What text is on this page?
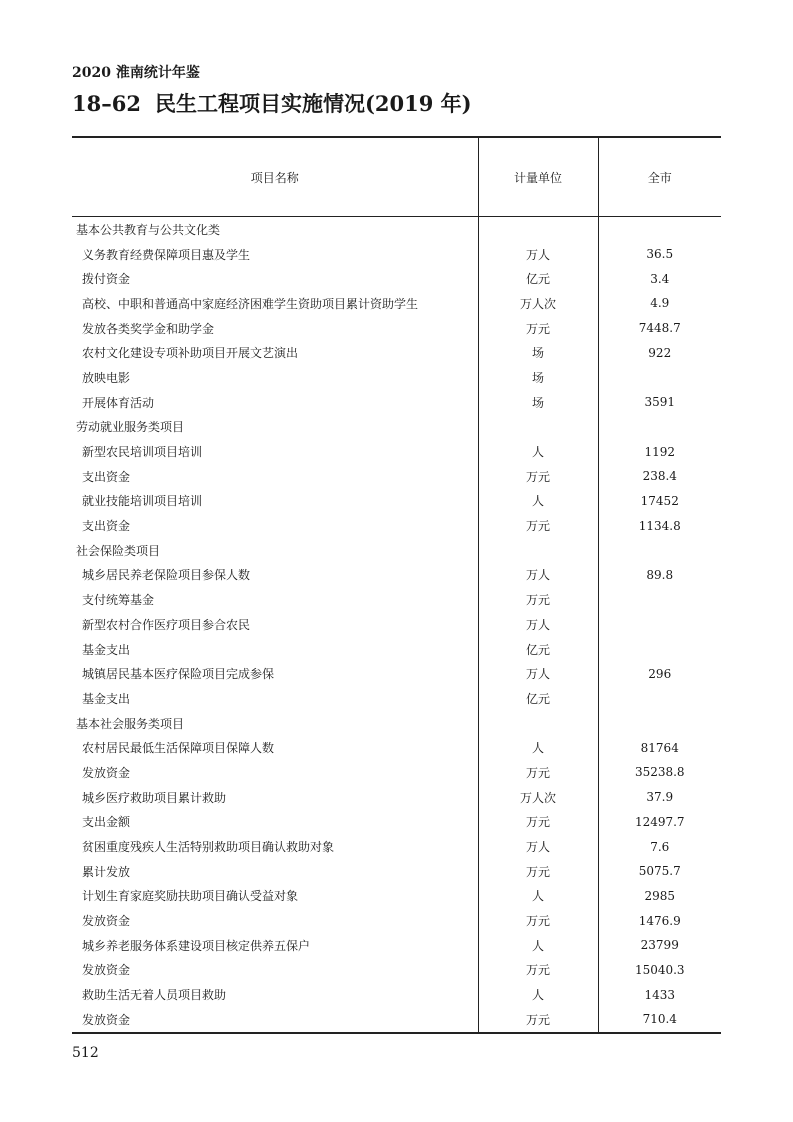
2020 淮南统计年鉴
18–62 民生工程项目实施情况(2019 年)
项目名称	计量单位	全市
基本公共教育与公共文化类		
义务教育经费保障项目惠及学生	万人	36.5
拨付资金	亿元	3.4
高校、中职和普通高中家庭经济困难学生资助项目累计资助学生	万人次	4.9
发放各类奖学金和助学金	万元	7448.7
农村文化建设专项补助项目开展文艺演出	场	922
放映电影	场	
开展体育活动	场	3591
劳动就业服务类项目		
新型农民培训项目培训	人	1192
支出资金	万元	238.4
就业技能培训项目培训	人	17452
支出资金	万元	1134.8
社会保险类项目		
城乡居民养老保险项目参保人数	万人	89.8
支付统筹基金	万元	
新型农村合作医疗项目参合农民	万人	
基金支出	亿元	
城镇居民基本医疗保险项目完成参保	万人	296
基金支出	亿元	
基本社会服务类项目		
农村居民最低生活保障项目保障人数	人	81764
发放资金	万元	35238.8
城乡医疗救助项目累计救助	万人次	37.9
支出金额	万元	12497.7
贫困重度残疾人生活特别救助项目确认救助对象	万人	7.6
累计发放	万元	5075.7
计划生育家庭奖励扶助项目确认受益对象	人	2985
发放资金	万元	1476.9
城乡养老服务体系建设项目核定供养五保户	人	23799
发放资金	万元	15040.3
救助生活无着人员项目救助	人	1433
发放资金	万元	710.4
512
